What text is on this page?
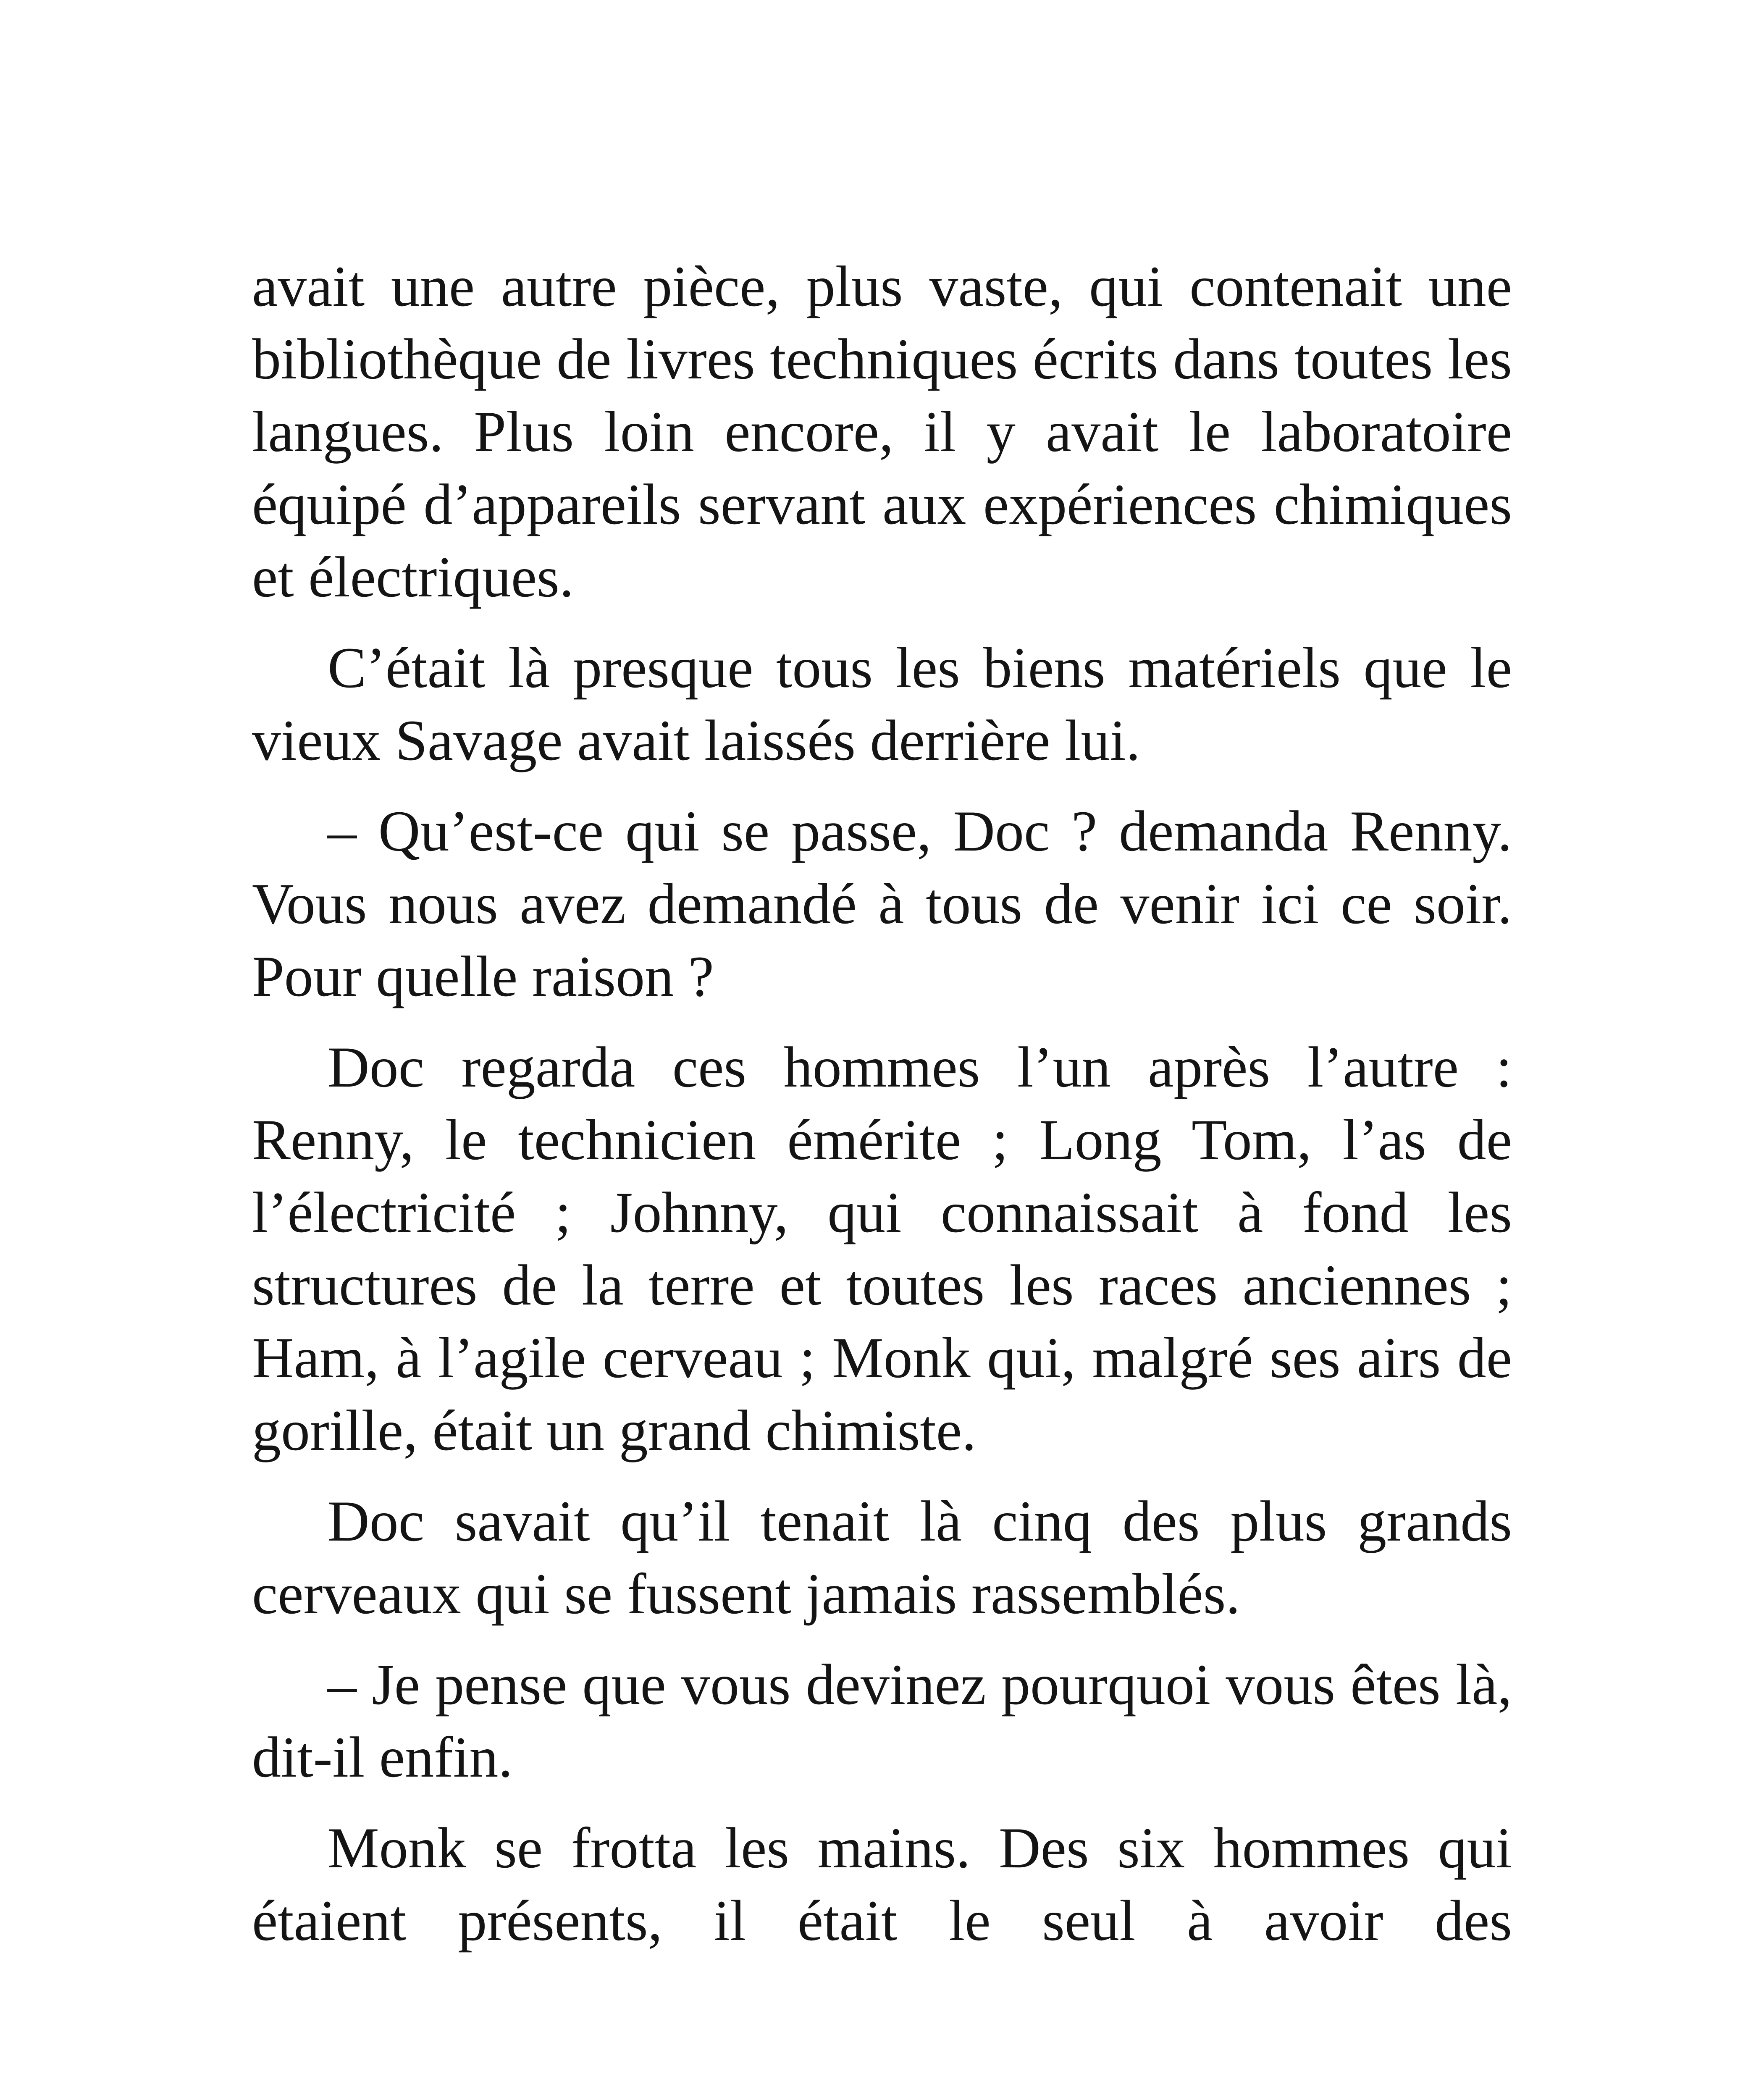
avait une autre pièce, plus vaste, qui contenait une bibliothèque de livres techniques écrits dans toutes les langues. Plus loin encore, il y avait le laboratoire équipé d’appareils servant aux expériences chimiques et électriques.

C’était là presque tous les biens matériels que le vieux Savage avait laissés derrière lui.

– Qu’est-ce qui se passe, Doc ? demanda Renny. Vous nous avez demandé à tous de venir ici ce soir. Pour quelle raison ?

Doc regarda ces hommes l’un après l’autre : Renny, le technicien émérite ; Long Tom, l’as de l’électricité ; Johnny, qui connaissait à fond les structures de la terre et toutes les races anciennes ; Ham, à l’agile cerveau ; Monk qui, malgré ses airs de gorille, était un grand chimiste.

Doc savait qu’il tenait là cinq des plus grands cerveaux qui se fussent jamais rassemblés.

– Je pense que vous devinez pourquoi vous êtes là, dit-il enfin.

Monk se frotta les mains. Des six hommes qui étaient présents, il était le seul à avoir des
